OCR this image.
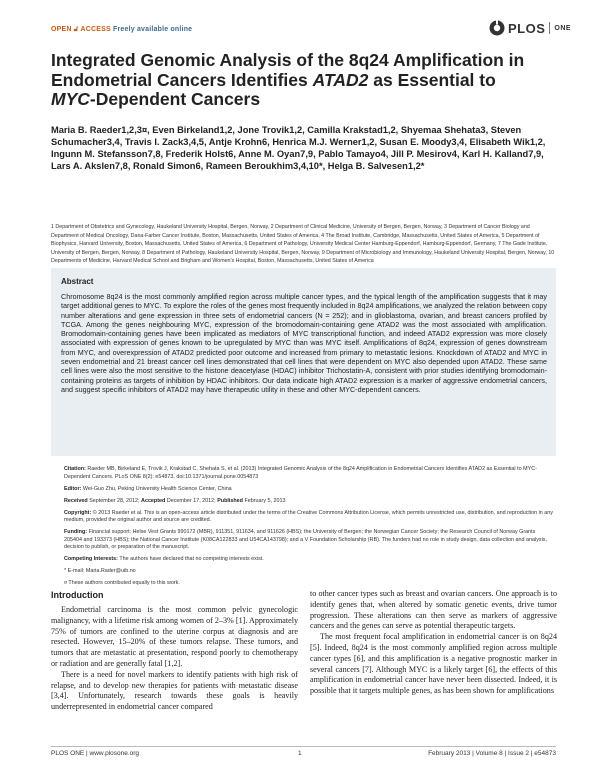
OPEN 🔓︎ ACCESS Freely available online	PLOS ONE
Integrated Genomic Analysis of the 8q24 Amplification in Endometrial Cancers Identifies ATAD2 as Essential to
MYC-Dependent Cancers
Maria B. Raeder1,2,3¤, Even Birkeland1,2, Jone Trovik1,2, Camilla Krakstad1,2, Shyemaa Shehata3, Steven Schumacher3,4, Travis I. Zack3,4,5, Antje Krohn6, Henrica M.J. Werner1,2, Susan E. Moody3,4, Elisabeth Wik1,2, Ingunn M. Stefansson7,8, Frederik Holst6, Anne M. Oyan7,9, Pablo Tamayo4, Jill P. Mesirov4, Karl H. Kalland7,9, Lars A. Akslen7,8, Ronald Simon6, Rameen Beroukhim3,4,10*, Helga B. Salvesen1,2*
1 Department of Obstetrics and Gynecology, Haukeland University Hospital, Bergen, Norway, 2 Department of Clinical Medicine, University of Bergen, Bergen, Norway, 3 Department of Cancer Biology and Department of Medical Oncology, Dana-Farber Cancer Institute, Boston, Massachusetts, United States of America, 4 The Broad Institute, Cambridge, Massachusetts, United States of America, 5 Department of Biophysics, Harvard University, Boston, Massachusetts, United States of America, 6 Department of Pathology, University Medical Center Hamburg-Eppendorf, Hamburg-Eppendorf, Germany, 7 The Gade Institute, University of Bergen, Bergen, Norway, 8 Department of Pathology, Haukeland University Hospital, Bergen, Norway, 9 Department of Microbiology and Immunology, Haukeland University Hospital, Bergen, Norway, 10 Departments of Medicine, Harvard Medical School and Brigham and Women's Hospital, Boston, Massachusetts, United States of America
Abstract
Chromosome 8q24 is the most commonly amplified region across multiple cancer types, and the typical length of the amplification suggests that it may target additional genes to MYC. To explore the roles of the genes most frequently included in 8q24 amplifications, we analyzed the relation between copy number alterations and gene expression in three sets of endometrial cancers (N = 252); and in glioblastoma, ovarian, and breast cancers profiled by TCGA. Among the genes neighbouring MYC, expression of the bromodomain-containing gene ATAD2 was the most associated with amplification. Bromodomain-containing genes have been implicated as mediators of MYC transcriptional function, and indeed ATAD2 expression was more closely associated with expression of genes known to be upregulated by MYC than was MYC itself. Amplifications of 8q24, expression of genes downstream from MYC, and overexpression of ATAD2 predicted poor outcome and increased from primary to metastatic lesions. Knockdown of ATAD2 and MYC in seven endometrial and 21 breast cancer cell lines demonstrated that cell lines that were dependent on MYC also depended upon ATAD2. These same cell lines were also the most sensitive to the histone deacetylase (HDAC) inhibitor Trichostatin-A, consistent with prior studies identifying bromodomain-containing proteins as targets of inhibition by HDAC inhibitors. Our data indicate high ATAD2 expression is a marker of aggressive endometrial cancers, and suggest specific inhibitors of ATAD2 may have therapeutic utility in these and other MYC-dependent cancers.

Citation: Raeder MB, Birkeland E, Trovik J, Krakstad C, Shehata S, et al. (2013) Integrated Genomic Analysis of the 8q24 Amplification in Endometrial Cancers Identifies ATAD2 as Essential to MYC-Dependent Cancers. PLoS ONE 8(2): e54873. doi:10.1371/journal.pone.0054873

Editor: Wei-Guo Zhu, Peking University Health Science Center, China

Received September 28, 2012; Accepted December 17, 2012; Published February 5, 2013

Copyright: © 2013 Raeder et al. This is an open-access article distributed under the terms of the Creative Commons Attribution License, which permits unrestricted use, distribution, and reproduction in any medium, provided the original author and source are credited.

Funding: Financial support: Helse Vest Grants 990172 (MBR), 911351, 911634, and 911626 (HBS); the University of Bergen; the Norwegian Cancer Society; the Research Council of Norway Grants 205404 and 193373 (HBS); the National Cancer Institute (K08CA122833 and U54CA143798); and a V Foundation Scholarship (RB). The funders had no role in study design, data collection and analysis, decision to publish, or preparation of the manuscript.

Competing Interests: The authors have declared that no competing interests exist.

* E-mail: Maria.Rader@uib.no

¤ These authors contributed equally to this work.

Introduction

Endometrial carcinoma is the most common pelvic gynecologic malignancy, with a lifetime risk among women of 2–3% [1]. Approximately 75% of tumors are confined to the uterine corpus at diagnosis and are resected. However, 15–20% of these tumors relapse. These tumors, and tumors that are metastatic at presentation, respond poorly to chemotherapy or radiation and are generally fatal [1,2].

There is a need for novel markers to identify patients with high risk of relapse, and to develop new therapies for patients with metastatic disease [3,4]. Unfortunately, research towards these goals is heavily underrepresented in endometrial cancer compared

to other cancer types such as breast and ovarian cancers. One approach is to identify genes that, when altered by somatic genetic events, drive tumor progression. These alterations can then serve as markers of aggressive cancers and the genes can serve as potential therapeutic targets.

The most frequent focal amplification in endometrial cancer is on 8q24 [5]. Indeed, 8q24 is the most commonly amplified region across multiple cancer types [6], and this amplification is a negative prognostic marker in several cancers [7]. Although MYC is a likely target [6], the effects of this amplification in endometrial cancer have never been dissected. Indeed, it is possible that it targets multiple genes, as has been shown for amplifications

PLOS ONE | www.plosone.org	1	February 2013 | Volume 8 | Issue 2 | e54873
